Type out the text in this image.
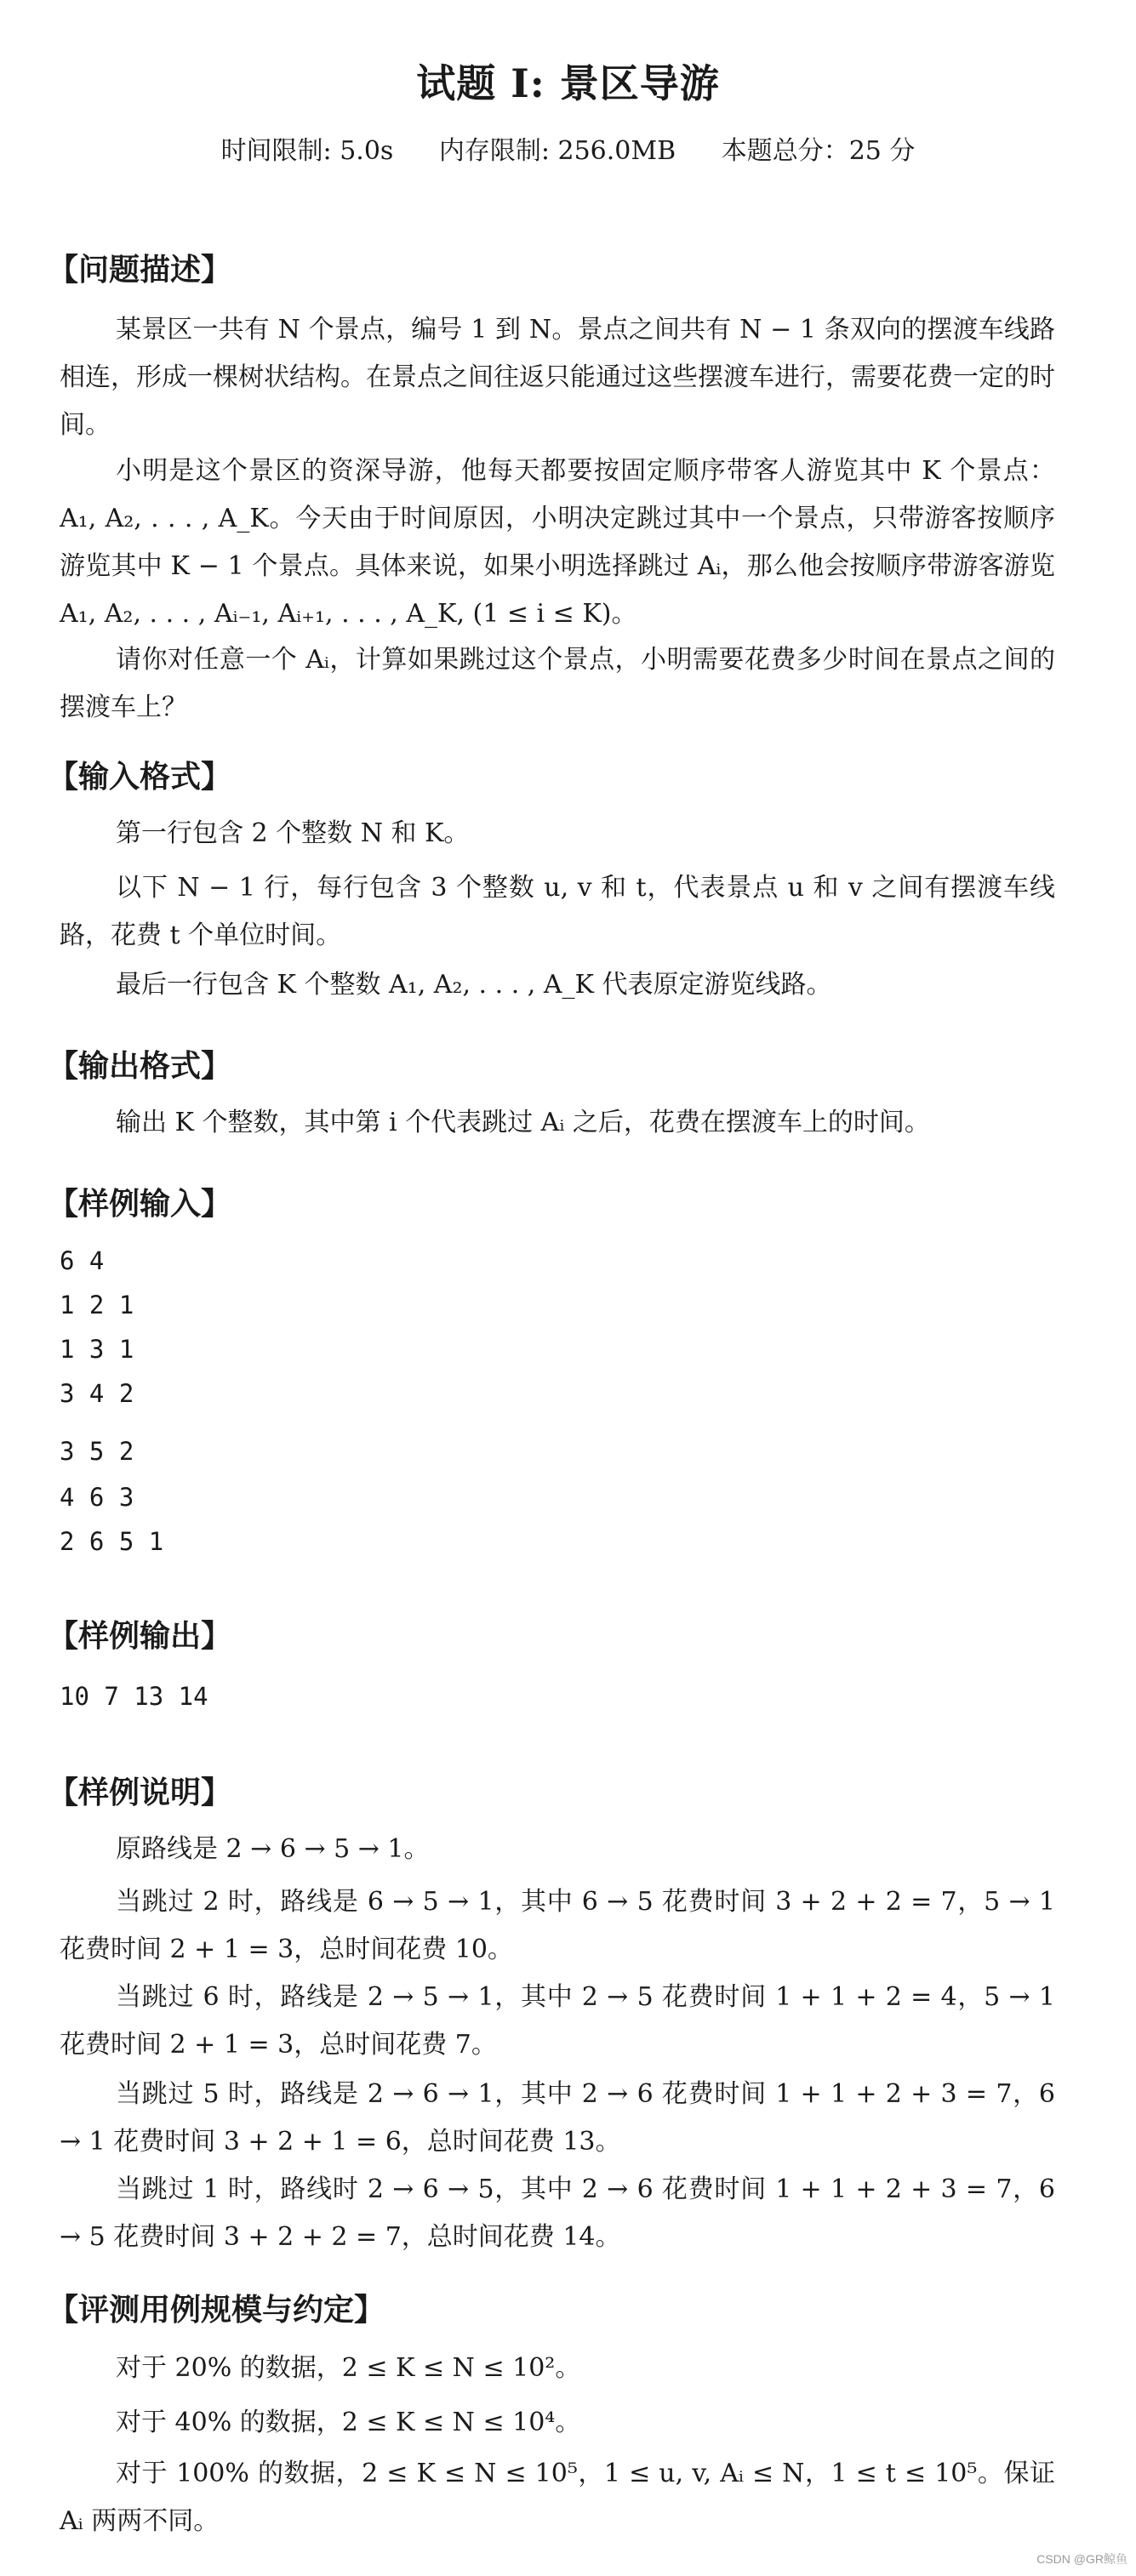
试题 I: 景区导游
时间限制: 5.0s 内存限制: 256.0MB 本题总分：25 分
【问题描述】
某景区一共有 N 个景点，编号 1 到 N。景点之间共有 N − 1 条双向的摆渡车线路相连，形成一棵树状结构。在景点之间往返只能通过这些摆渡车进行，需要花费一定的时间。
小明是这个景区的资深导游，他每天都要按固定顺序带客人游览其中 K 个景点：A₁, A₂, . . . , A_K。今天由于时间原因，小明决定跳过其中一个景点，只带游客按顺序游览其中 K − 1 个景点。具体来说，如果小明选择跳过 Aᵢ，那么他会按顺序带游客游览 A₁, A₂, . . . , Aᵢ₋₁, Aᵢ₊₁, . . . , A_K, (1 ≤ i ≤ K)。
请你对任意一个 Aᵢ，计算如果跳过这个景点，小明需要花费多少时间在景点之间的摆渡车上？
【输入格式】
第一行包含 2 个整数 N 和 K。
以下 N − 1 行，每行包含 3 个整数 u, v 和 t，代表景点 u 和 v 之间有摆渡车线路，花费 t 个单位时间。
最后一行包含 K 个整数 A₁, A₂, . . . , A_K 代表原定游览线路。
【输出格式】
输出 K 个整数，其中第 i 个代表跳过 Aᵢ 之后，花费在摆渡车上的时间。
【样例输入】
6 4
1 2 1
1 3 1
3 4 2
3 5 2
4 6 3
2 6 5 1
【样例输出】
10 7 13 14
【样例说明】
原路线是 2 → 6 → 5 → 1。
当跳过 2 时，路线是 6 → 5 → 1，其中 6 → 5 花费时间 3 + 2 + 2 = 7，5 → 1 花费时间 2 + 1 = 3，总时间花费 10。
当跳过 6 时，路线是 2 → 5 → 1，其中 2 → 5 花费时间 1 + 1 + 2 = 4，5 → 1 花费时间 2 + 1 = 3，总时间花费 7。
当跳过 5 时，路线是 2 → 6 → 1，其中 2 → 6 花费时间 1 + 1 + 2 + 3 = 7，6 → 1 花费时间 3 + 2 + 1 = 6，总时间花费 13。
当跳过 1 时，路线时 2 → 6 → 5，其中 2 → 6 花费时间 1 + 1 + 2 + 3 = 7，6 → 5 花费时间 3 + 2 + 2 = 7，总时间花费 14。
【评测用例规模与约定】
对于 20% 的数据，2 ≤ K ≤ N ≤ 10²。
对于 40% 的数据，2 ≤ K ≤ N ≤ 10⁴。
对于 100% 的数据，2 ≤ K ≤ N ≤ 10⁵，1 ≤ u, v, Aᵢ ≤ N，1 ≤ t ≤ 10⁵。保证 Aᵢ 两两不同。
CSDN @GR鲸鱼
